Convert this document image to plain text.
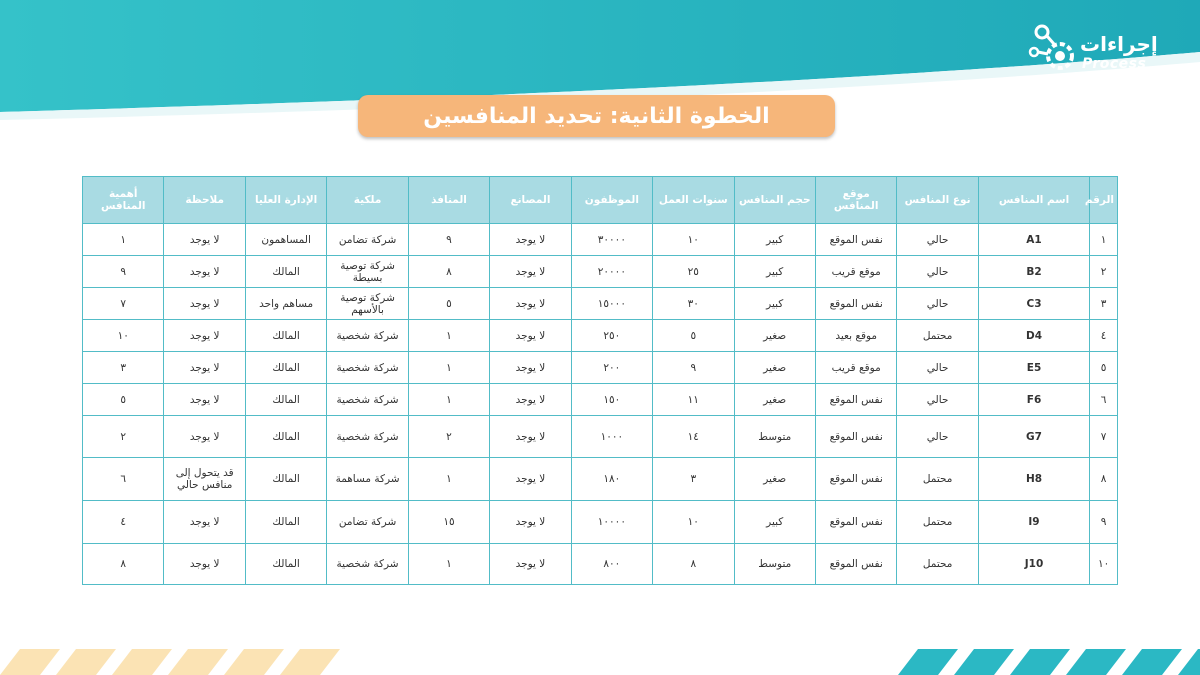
إجراءات
Process
الخطوة الثانية: تحديد المنافسين
الرقم	اسم المنافس	نوع المنافس	موقع المنافس	حجم المنافس	سنوات العمل	الموظفون	المصانع	المنافذ	ملكية	الإدارة العليا	ملاحظة	أهمية المنافس
١	A1	حالي	نفس الموقع	كبير	١٠	٣٠٠٠٠	لا يوجد	٩	شركة تضامن	المساهمون	لا يوجد	١
٢	B2	حالي	موقع قريب	كبير	٢٥	٢٠٠٠٠	لا يوجد	٨	شركة توصية بسيطة	المالك	لا يوجد	٩
٣	C3	حالي	نفس الموقع	كبير	٣٠	١٥٠٠٠	لا يوجد	٥	شركة توصية بالأسهم	مساهم واحد	لا يوجد	٧
٤	D4	محتمل	موقع بعيد	صغير	٥	٢٥٠	لا يوجد	١	شركة شخصية	المالك	لا يوجد	١٠
٥	E5	حالي	موقع قريب	صغير	٩	٢٠٠	لا يوجد	١	شركة شخصية	المالك	لا يوجد	٣
٦	F6	حالي	نفس الموقع	صغير	١١	١٥٠	لا يوجد	١	شركة شخصية	المالك	لا يوجد	٥
٧	G7	حالي	نفس الموقع	متوسط	١٤	١٠٠٠	لا يوجد	٢	شركة شخصية	المالك	لا يوجد	٢
٨	H8	محتمل	نفس الموقع	صغير	٣	١٨٠	لا يوجد	١	شركة مساهمة	المالك	قد يتحول إلى منافس حالي	٦
٩	I9	محتمل	نفس الموقع	كبير	١٠	١٠٠٠٠	لا يوجد	١٥	شركة تضامن	المالك	لا يوجد	٤
١٠	J10	محتمل	نفس الموقع	متوسط	٨	٨٠٠	لا يوجد	١	شركة شخصية	المالك	لا يوجد	٨
